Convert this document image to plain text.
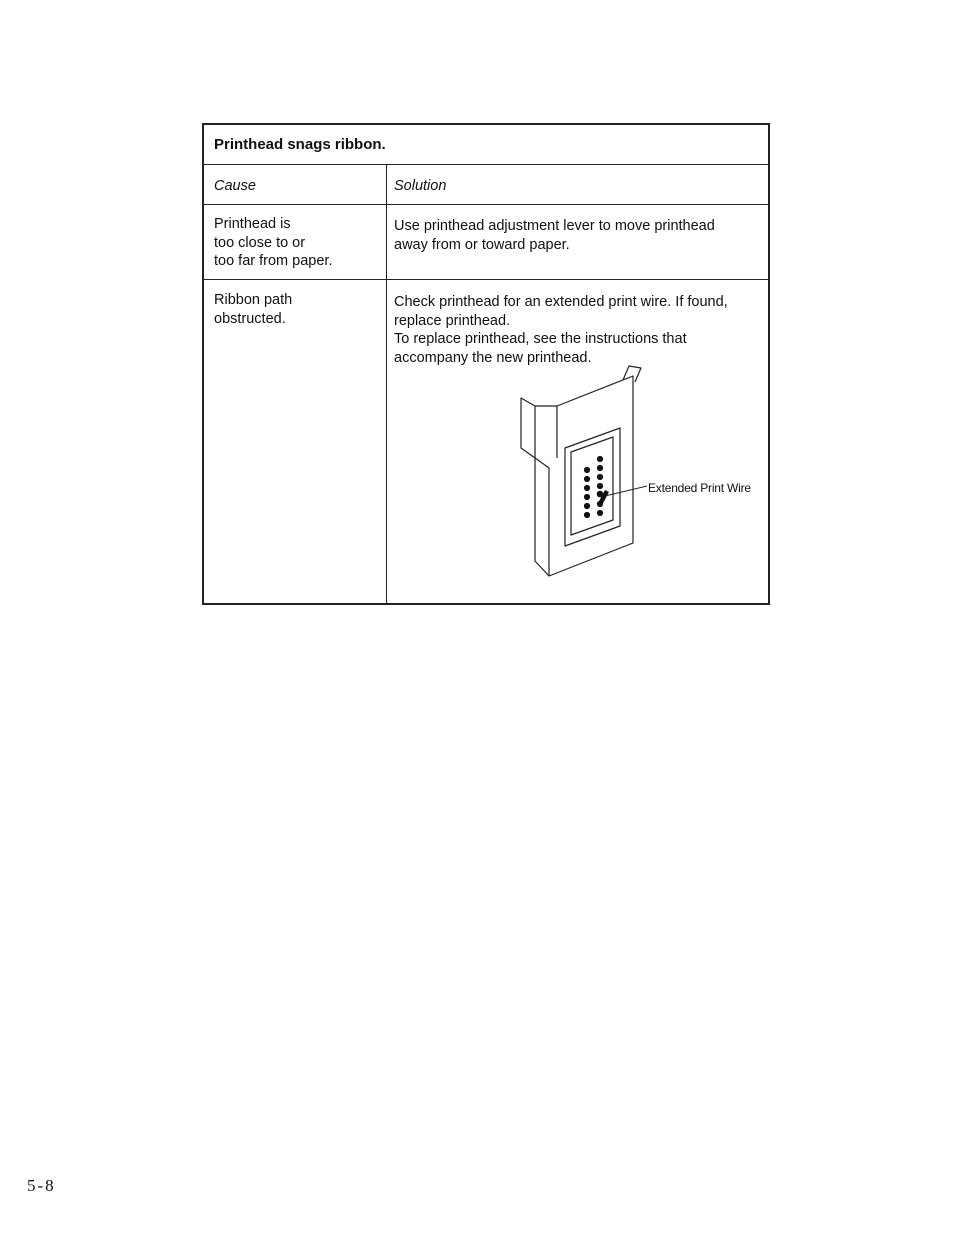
Printhead snags ribbon.
Cause	Solution
Printhead is
too close to or
too far from paper.
Use printhead adjustment lever to move printhead
away from or toward paper.
Ribbon path
obstructed.
Check printhead for an extended print wire. If found,
replace printhead.
To replace printhead, see the instructions that
accompany the new printhead.
Extended Print Wire
5-8
